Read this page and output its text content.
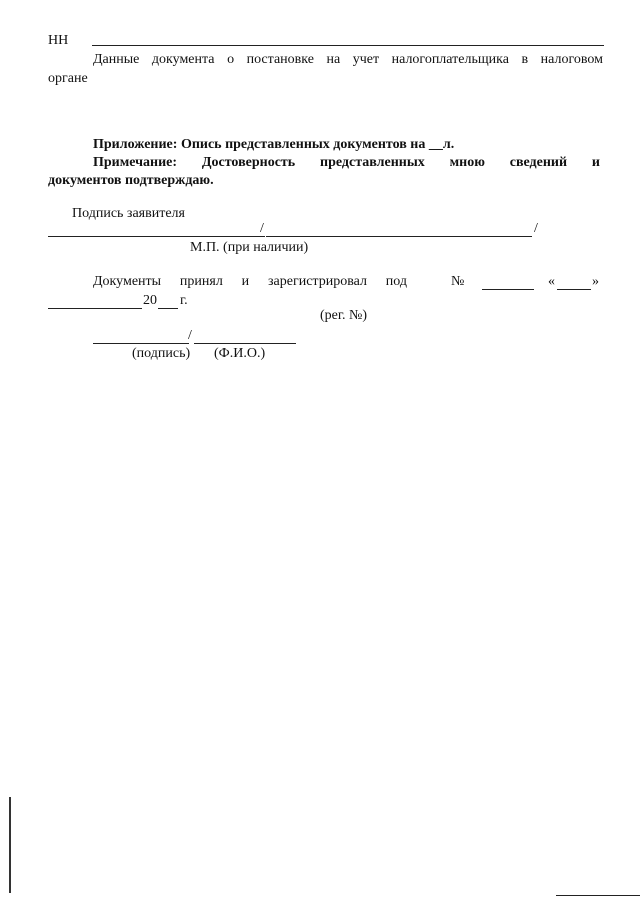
НН
Данные документа о постановке на учет налогоплательщика в налоговом
органе
Приложение: Опись представленных документов на __л.
Примечание: Достоверность представленных мною сведений и
документов подтверждаю.
Подпись заявителя
/	/
М.П. (при наличии)
Документы принял и зарегистрировал под	№	«	»
20 г.
(рег. №)
/
(подпись) (Ф.И.О.)
